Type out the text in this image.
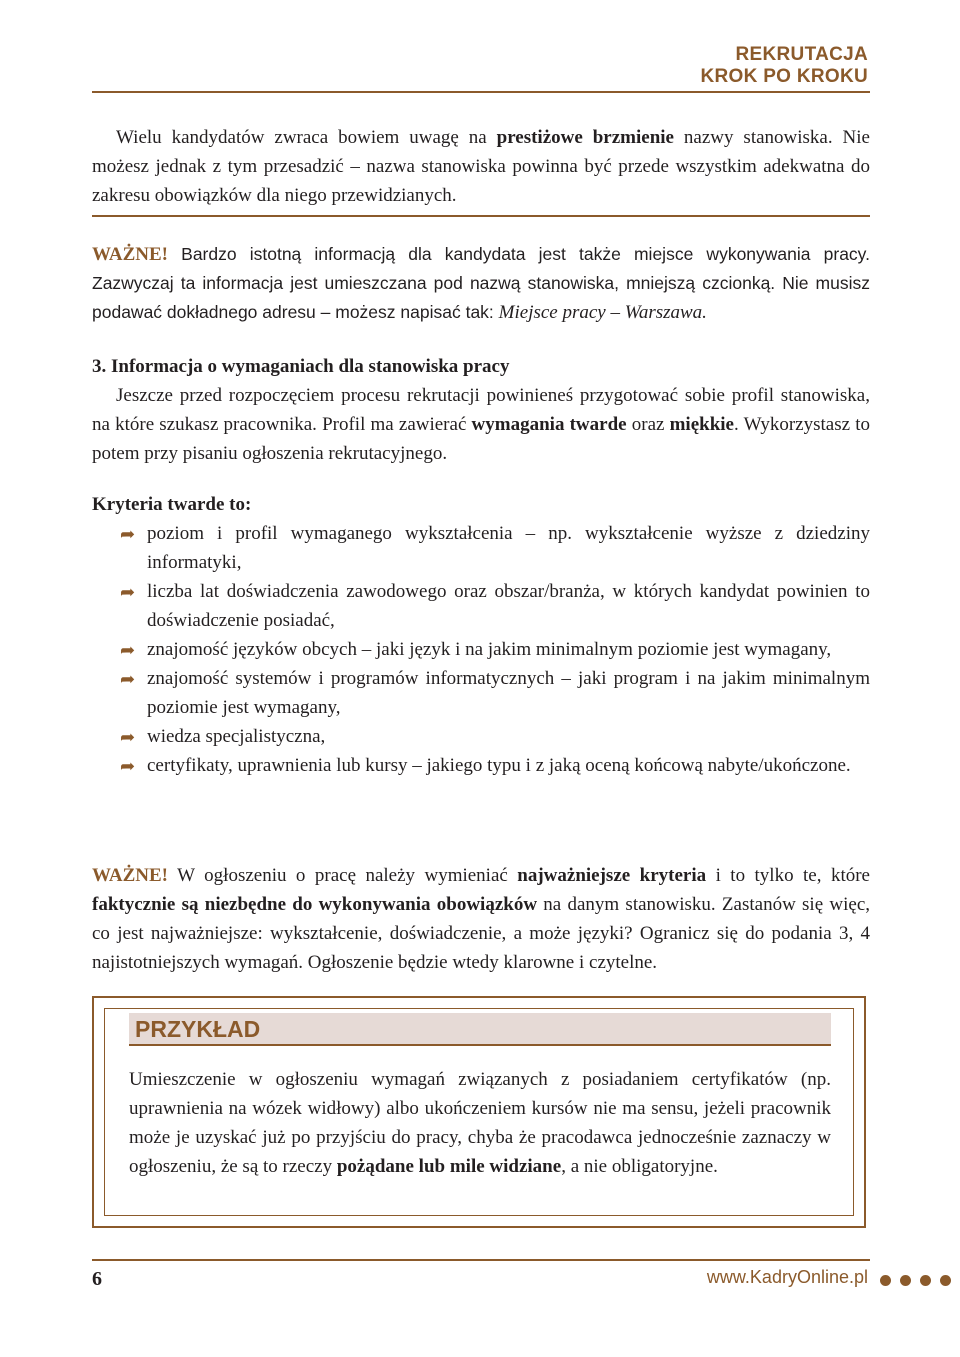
REKRUTACJA
KROK PO KROKU
Wielu kandydatów zwraca bowiem uwagę na prestiżowe brzmienie nazwy stanowiska. Nie możesz jednak z tym przesadzić – nazwa stanowiska powinna być przede wszystkim adekwatna do zakresu obowiązków dla niego przewidzianych.
WAŻNE! Bardzo istotną informacją dla kandydata jest także miejsce wykonywania pracy. Zazwyczaj ta informacja jest umieszczana pod nazwą stanowiska, mniejszą czcionką. Nie musisz podawać dokładnego adresu – możesz napisać tak: Miejsce pracy – Warszawa.
3. Informacja o wymaganiach dla stanowiska pracy
Jeszcze przed rozpoczęciem procesu rekrutacji powinieneś przygotować sobie profil stanowiska, na które szukasz pracownika. Profil ma zawierać wymagania twarde oraz miękkie. Wykorzystasz to potem przy pisaniu ogłoszenia rekrutacyjnego.
Kryteria twarde to:
➦ poziom i profil wymaganego wykształcenia – np. wykształcenie wyższe z dziedziny informatyki,
➦ liczba lat doświadczenia zawodowego oraz obszar/branża, w których kandydat powinien to doświadczenie posiadać,
➦ znajomość języków obcych – jaki język i na jakim minimalnym poziomie jest wymagany,
➦ znajomość systemów i programów informatycznych – jaki program i na jakim minimalnym poziomie jest wymagany,
➦ wiedza specjalistyczna,
➦ certyfikaty, uprawnienia lub kursy – jakiego typu i z jaką oceną końcową nabyte/ukończone.
WAŻNE! W ogłoszeniu o pracę należy wymieniać najważniejsze kryteria i to tylko te, które faktycznie są niezbędne do wykonywania obowiązków na danym stanowisku. Zastanów się więc, co jest najważniejsze: wykształcenie, doświadczenie, a może języki? Ogranicz się do podania 3, 4 najistotniejszych wymagań. Ogłoszenie będzie wtedy klarowne i czytelne.
PRZYKŁAD
Umieszczenie w ogłoszeniu wymagań związanych z posiadaniem certyfikatów (np. uprawnienia na wózek widłowy) albo ukończeniem kursów nie ma sensu, jeżeli pracownik może je uzyskać już po przyjściu do pracy, chyba że pracodawca jednocześnie zaznaczy w ogłoszeniu, że są to rzeczy pożądane lub mile widziane, a nie obligatoryjne.
6	www.KadryOnline.pl
